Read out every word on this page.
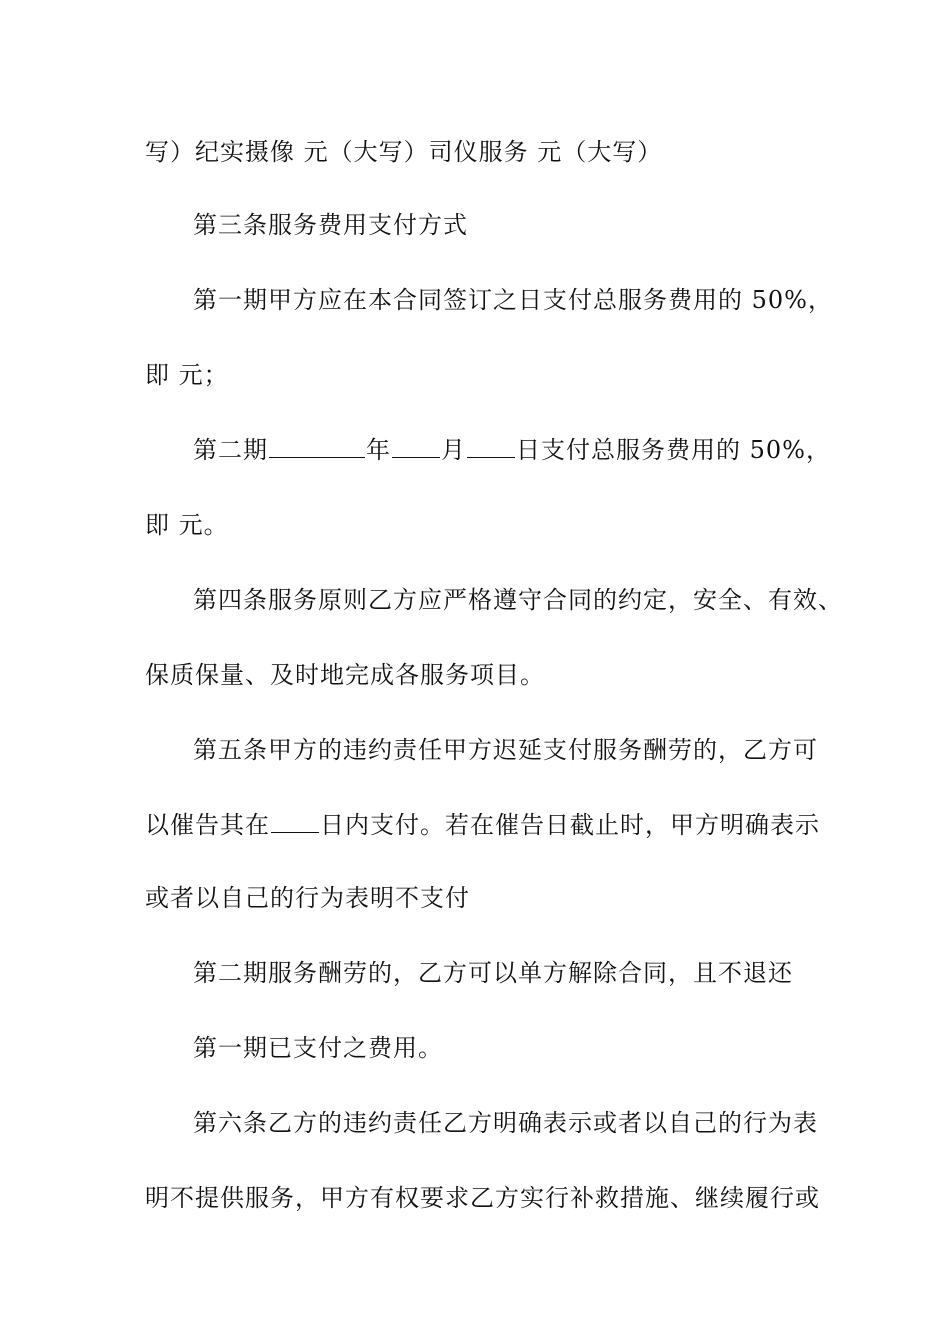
写）纪实摄像 元（大写）司仪服务 元（大写）
第三条服务费用支付方式
第一期甲方应在本合同签订之日支付总服务费用的 50%，
即 元；
第二期	年 月 日支付总服务费用的 50%，
即 元。
第四条服务原则乙方应严格遵守合同的约定，安全、有效、
保质保量、及时地完成各服务项目。
第五条甲方的违约责任甲方迟延支付服务酬劳的，乙方可
以催告其在 日内支付。若在催告日截止时，甲方明确表示
或者以自己的行为表明不支付
第二期服务酬劳的，乙方可以单方解除合同，且不退还
第一期已支付之费用。
第六条乙方的违约责任乙方明确表示或者以自己的行为表
明不提供服务，甲方有权要求乙方实行补救措施、继续履行或
